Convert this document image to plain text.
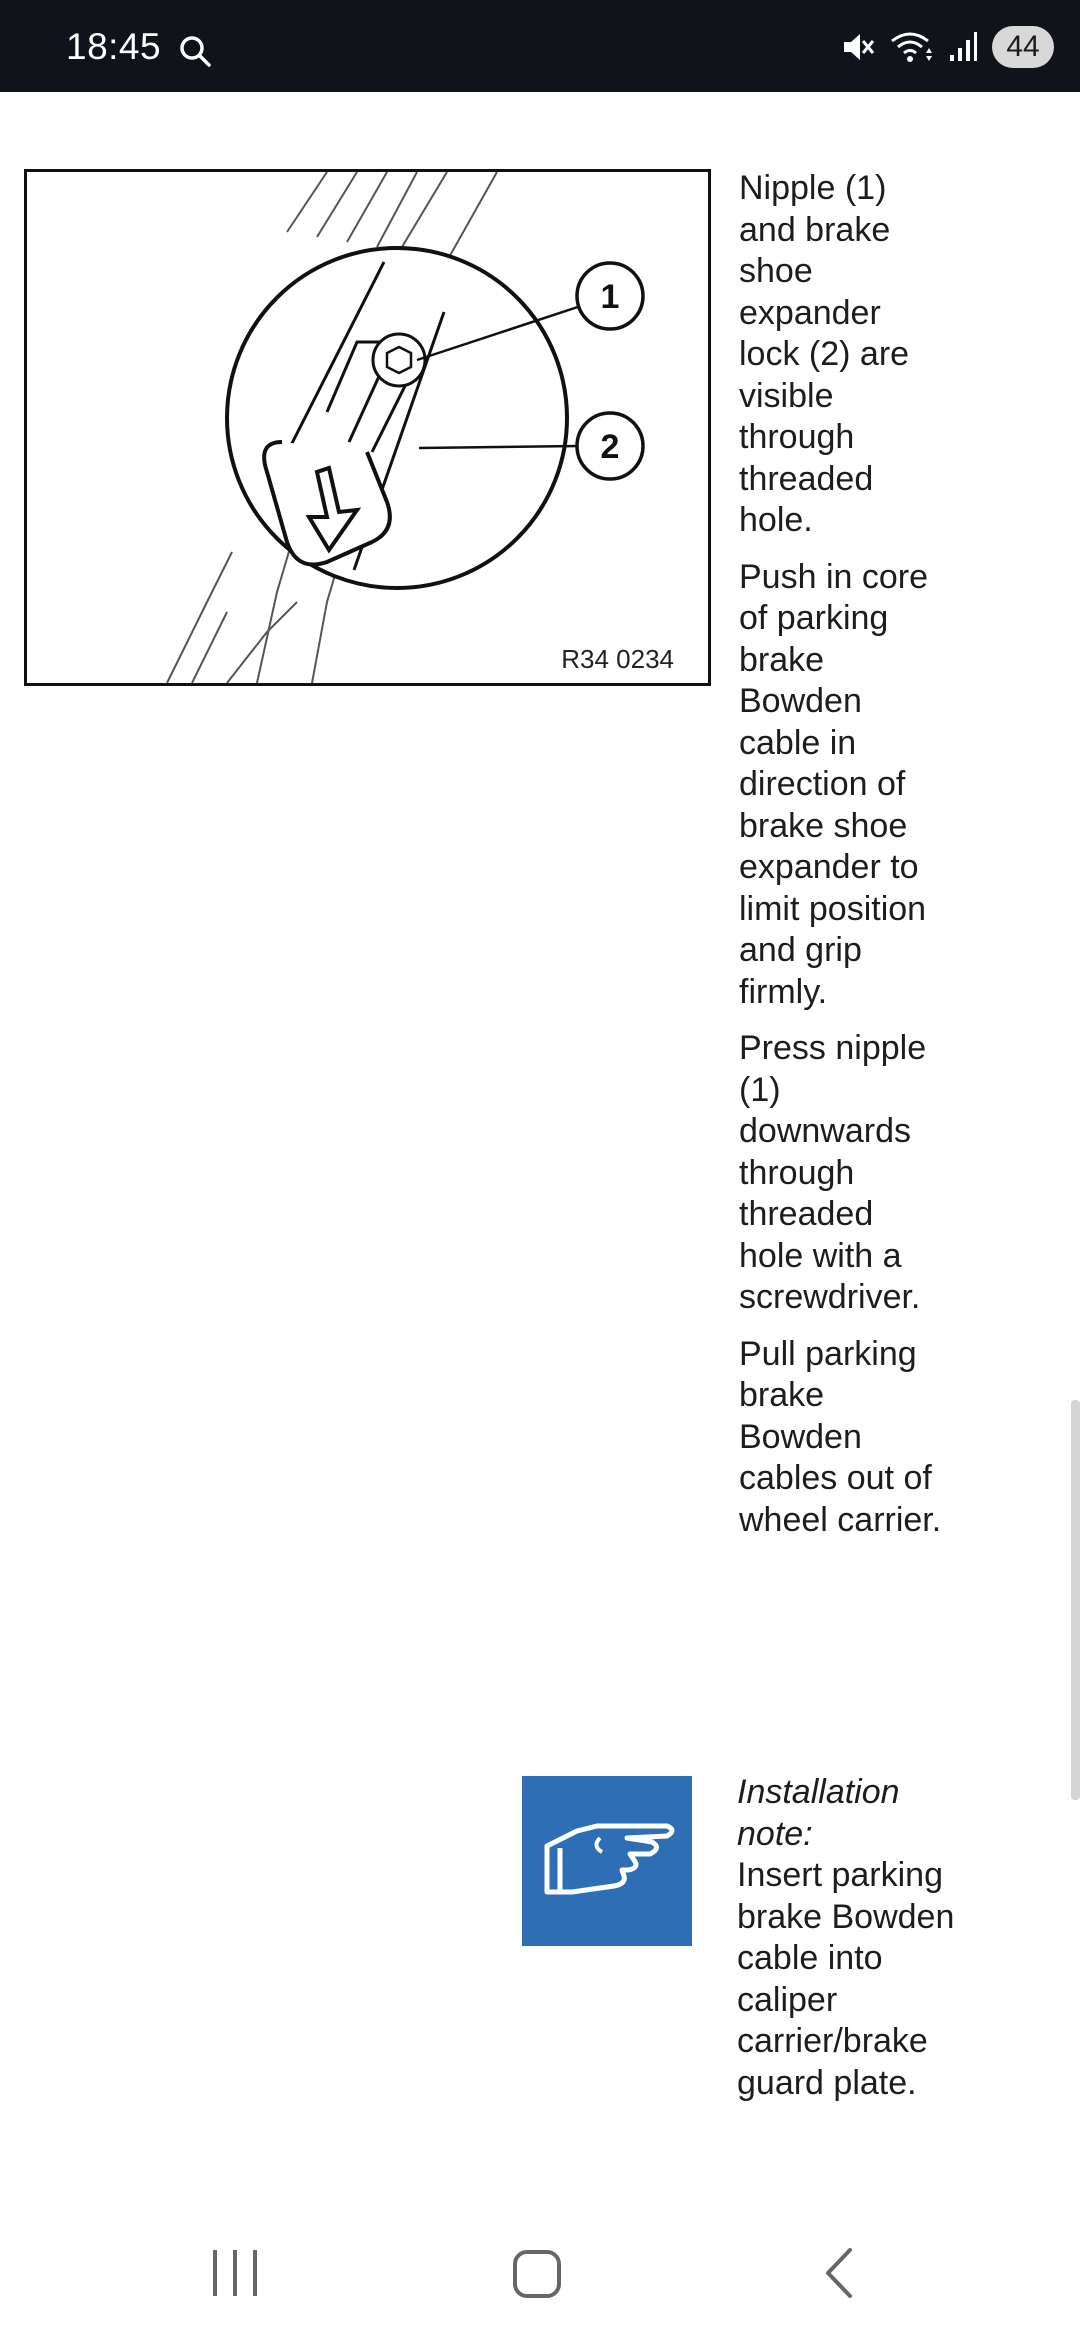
18:45	44
1
2
R34 0234

Nipple (1) and brake shoe expander lock (2) are visible through threaded hole.

Push in core of parking brake Bowden cable in direction of brake shoe expander to limit position and grip firmly.

Press nipple (1) downwards through threaded hole with a screwdriver.

Pull parking brake Bowden cables out of wheel carrier.

Installation note:
Insert parking brake Bowden cable into caliper carrier/brake guard plate.
